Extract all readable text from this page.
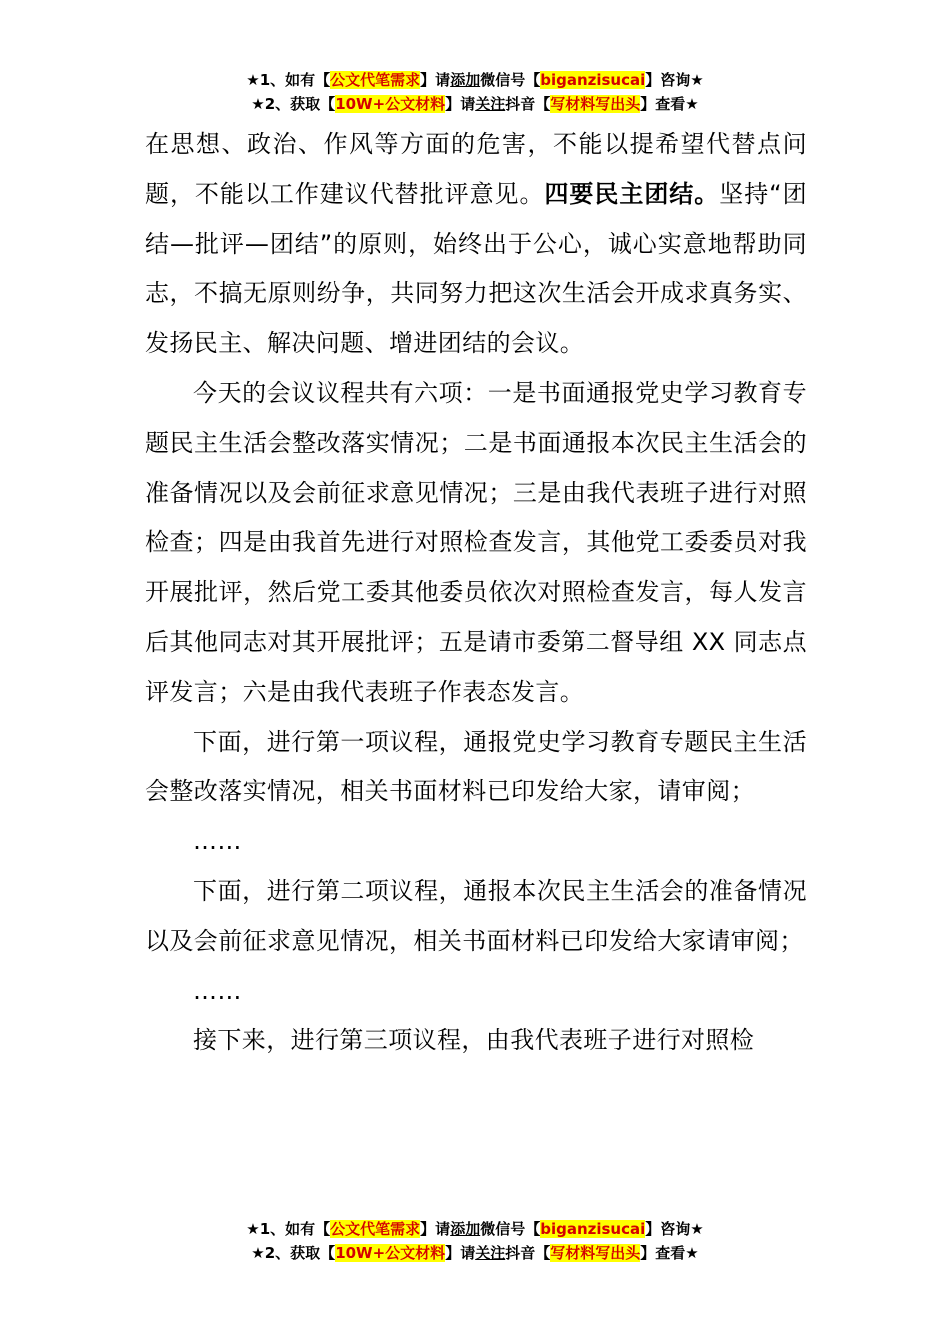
★1、如有【公文代笔需求】请添加微信号【biganzisucai】咨询★
★2、获取【10W+公文材料】请关注抖音【写材料写出头】查看★

在思想、政治、作风等方面的危害，不能以提希望代替点问题，不能以工作建议代替批评意见。四要民主团结。坚持“团结—批评—团结”的原则，始终出于公心，诚心实意地帮助同志，不搞无原则纷争，共同努力把这次生活会开成求真务实、发扬民主、解决问题、增进团结的会议。

今天的会议议程共有六项：一是书面通报党史学习教育专题民主生活会整改落实情况；二是书面通报本次民主生活会的准备情况以及会前征求意见情况；三是由我代表班子进行对照检查；四是由我首先进行对照检查发言，其他党工委委员对我开展批评，然后党工委其他委员依次对照检查发言，每人发言后其他同志对其开展批评；五是请市委第二督导组 XX 同志点评发言；六是由我代表班子作表态发言。

下面，进行第一项议程，通报党史学习教育专题民主生活会整改落实情况，相关书面材料已印发给大家，请审阅；

……

下面，进行第二项议程，通报本次民主生活会的准备情况以及会前征求意见情况，相关书面材料已印发给大家请审阅；

……

接下来，进行第三项议程，由我代表班子进行对照检

★1、如有【公文代笔需求】请添加微信号【biganzisucai】咨询★
★2、获取【10W+公文材料】请关注抖音【写材料写出头】查看★
